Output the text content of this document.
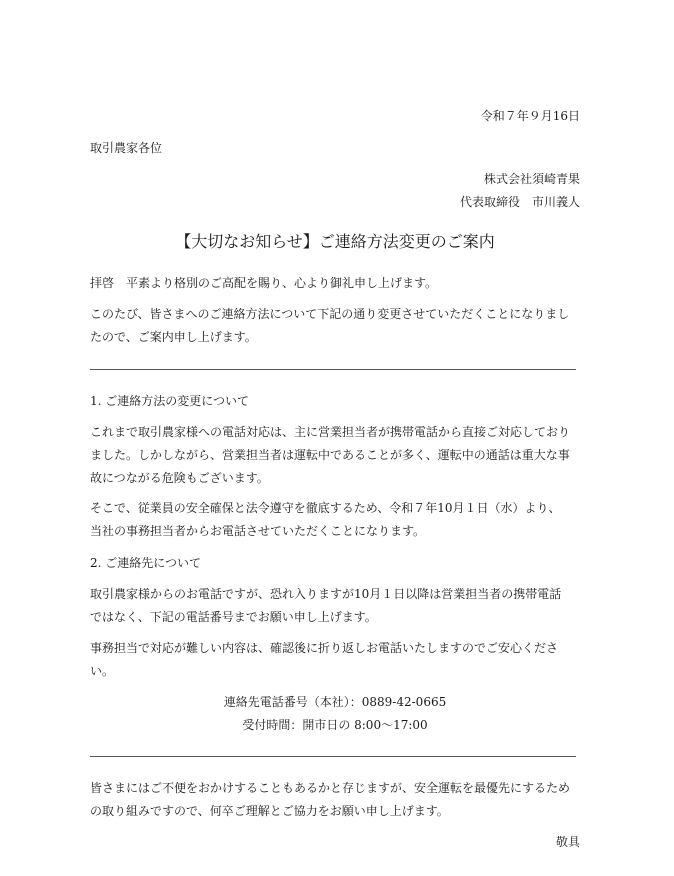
令和７年９月16日
取引農家各位
株式会社須崎青果
代表取締役　市川義人
【大切なお知らせ】ご連絡方法変更のご案内
拝啓　平素より格別のご高配を賜り、心より御礼申し上げます。
このたび、皆さまへのご連絡方法について下記の通り変更させていただくことになりまし
たので、ご案内申し上げます。
1. ご連絡方法の変更について
これまで取引農家様への電話対応は、主に営業担当者が携帯電話から直接ご対応しており
ました。しかしながら、営業担当者は運転中であることが多く、運転中の通話は重大な事
故につながる危険もございます。
そこで、従業員の安全確保と法令遵守を徹底するため、令和７年10月１日（水）より、
当社の事務担当者からお電話させていただくことになります。
2. ご連絡先について
取引農家様からのお電話ですが、恐れ入りますが10月１日以降は営業担当者の携帯電話
ではなく、下記の電話番号までお願い申し上げます。
事務担当で対応が難しい内容は、確認後に折り返しお電話いたしますのでご安心くださ
い。
連絡先電話番号（本社）：0889-42-0665
受付時間：開市日の 8:00～17:00
皆さまにはご不便をおかけすることもあるかと存じますが、安全運転を最優先にするため
の取り組みですので、何卒ご理解とご協力をお願い申し上げます。
敬具
